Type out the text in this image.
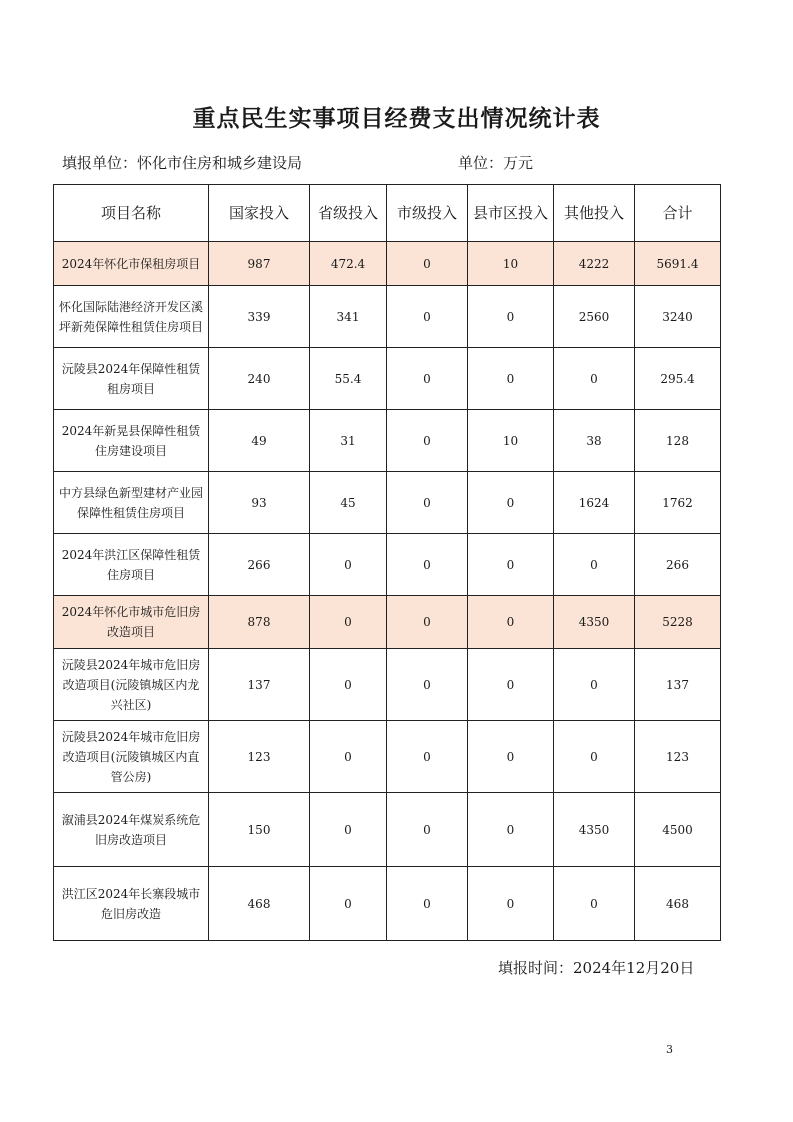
重点民生实事项目经费支出情况统计表
填报单位：怀化市住房和城乡建设局	单位：万元
项目名称	国家投入	省级投入	市级投入	县市区投入	其他投入	合计
2024年怀化市保租房项目	987	472.4	0	10	4222	5691.4
怀化国际陆港经济开发区溪坪新苑保障性租赁住房项目	339	341	0	0	2560	3240
沅陵县2024年保障性租赁租房项目	240	55.4	0	0	0	295.4
2024年新晃县保障性租赁住房建设项目	49	31	0	10	38	128
中方县绿色新型建材产业园保障性租赁住房项目	93	45	0	0	1624	1762
2024年洪江区保障性租赁住房项目	266	0	0	0	0	266
2024年怀化市城市危旧房改造项目	878	0	0	0	4350	5228
沅陵县2024年城市危旧房改造项目(沅陵镇城区内龙兴社区)	137	0	0	0	0	137
沅陵县2024年城市危旧房改造项目(沅陵镇城区内直管公房)	123	0	0	0	0	123
溆浦县2024年煤炭系统危旧房改造项目	150	0	0	0	4350	4500
洪江区2024年长寨段城市危旧房改造	468	0	0	0	0	468
填报时间：2024年12月20日
3
